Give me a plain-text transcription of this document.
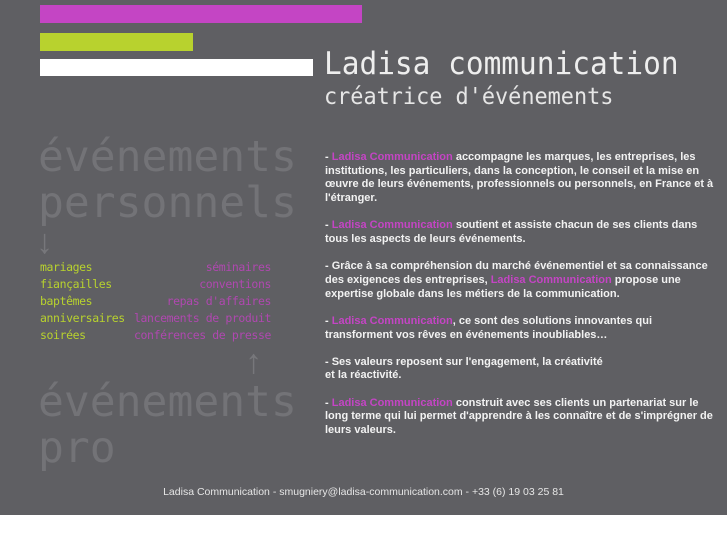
Ladisa communication
créatrice d'événements
événements
personnels
↓
mariages
fiançailles
baptêmes
anniversaires
soirées
séminaires
conventions
repas d'affaires
lancements de produit
conférences de presse
↑
événements
pro

- Ladisa Communication accompagne les marques, les entreprises, les institutions, les particuliers, dans la conception, le conseil et la mise en œuvre de leurs événements, professionnels ou personnels, en France et à l'étranger.

- Ladisa Communication soutient et assiste chacun de ses clients dans tous les aspects de leurs événements.

- Grâce à sa compréhension du marché événementiel et sa connaissance des exigences des entreprises, Ladisa Communication propose une expertise globale dans les métiers de la communication.

- Ladisa Communication, ce sont des solutions innovantes qui transforment vos rêves en événements inoubliables…

- Ses valeurs reposent sur l'engagement, la créativité
et la réactivité.

- Ladisa Communication construit avec ses clients un partenariat sur le long terme qui lui permet d'apprendre à les connaître et de s'imprégner de leurs valeurs.

Ladisa Communication - smugniery@ladisa-communication.com - +33 (6) 19 03 25 81
